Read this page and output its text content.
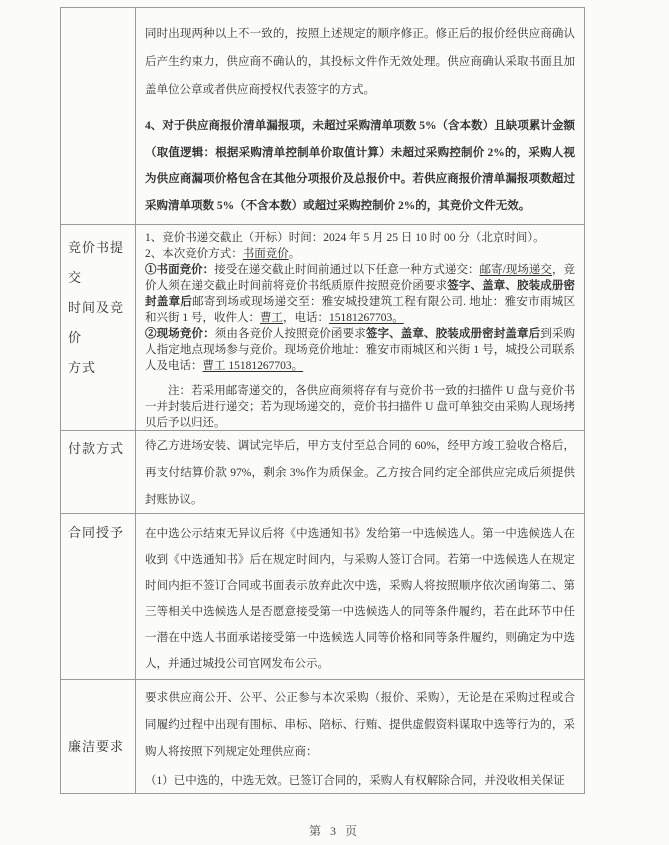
同时出现两种以上不一致的，按照上述规定的顺序修正。修正后的报价经供应商确认后产生约束力，供应商不确认的，其投标文件作无效处理。供应商确认采取书面且加盖单位公章或者供应商授权代表签字的方式。

4、对于供应商报价清单漏报项，未超过采购清单项数 5%（含本数）且缺项累计金额（取值逻辑：根据采购清单控制单价取值计算）未超过采购控制价 2%的，采购人视为供应商漏项价格包含在其他分项报价及总报价中。若供应商报价清单漏报项数超过采购清单项数 5%（不含本数）或超过采购控制价 2%的，其竞价文件无效。

竞价书提交
时间及竞价
方式

1、竞价书递交截止（开标）时间：2024 年 5 月 25 日 10 时 00 分（北京时间）。

2、本次竞价方式：书面竞价。

①书面竞价：接受在递交截止时间前通过以下任意一种方式递交：邮寄/现场递交，竞价人须在递交截止时间前将竞价书纸质原件按照竞价函要求签字、盖章、胶装成册密封盖章后邮寄到场或现场递交至：雅安城投建筑工程有限公司. 地址：雅安市雨城区和兴街 1 号，收件人：曹工，电话：15181267703。

②现场竞价：须由各竞价人按照竞价函要求签字、盖章、胶装成册密封盖章后到采购人指定地点现场参与竞价。现场竞价地址：雅安市雨城区和兴街 1 号，城投公司联系人及电话：曹工 15181267703。

注：若采用邮寄递交的，各供应商须将存有与竞价书一致的扫描件 U 盘与竞价书一并封装后进行递交；若为现场递交的，竞价书扫描件 U 盘可单独交由采购人现场拷贝后予以归还。

付款方式	待乙方进场安装、调试完毕后，甲方支付至总合同的 60%，经甲方竣工验收合格后，再支付结算价款 97%，剩余 3%作为质保金。乙方按合同约定全部供应完成后须提供封账协议。

合同授予	在中选公示结束无异议后将《中选通知书》发给第一中选候选人。第一中选候选人在收到《中选通知书》后在规定时间内，与采购人签订合同。若第一中选候选人在规定时间内拒不签订合同或书面表示放弃此次中选，采购人将按照顺序依次函询第二、第三等相关中选候选人是否愿意接受第一中选候选人的同等条件履约，若在此环节中任一潜在中选人书面承诺接受第一中选候选人同等价格和同等条件履约，则确定为中选人，并通过城投公司官网发布公示。

廉洁要求

要求供应商公开、公平、公正参与本次采购（报价、采购），无论是在采购过程或合同履约过程中出现有围标、串标、陪标、行贿、提供虚假资料谋取中选等行为的，采购人将按照下列规定处理供应商：

（1）已中选的，中选无效。已签订合同的，采购人有权解除合同，并没收相关保证

第 3 页
